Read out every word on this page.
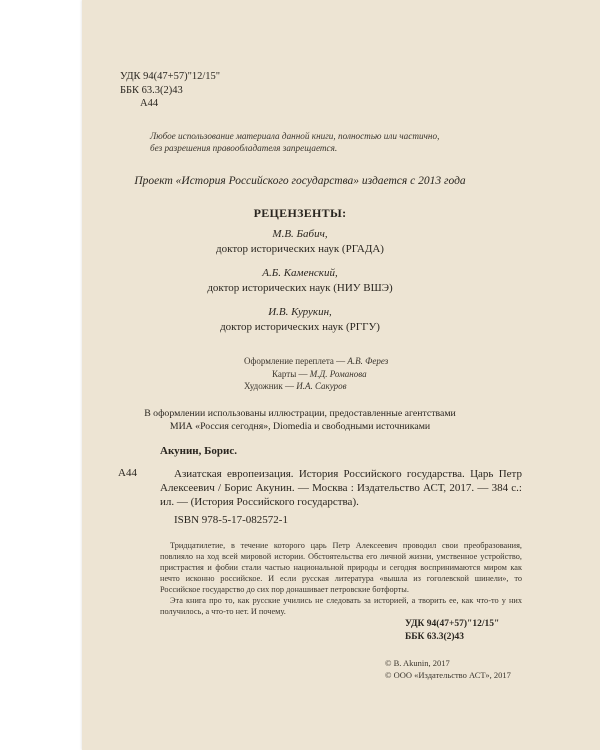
УДК 94(47+57)"12/15"
ББК 63.3(2)43
А44
Любое использование материала данной книги, полностью или частично,
без разрешения правообладателя запрещается.
Проект «История Российского государства» издается с 2013 года
РЕЦЕНЗЕНТЫ:
М.В. Бабич,
доктор исторических наук (РГАДА)
А.Б. Каменский,
доктор исторических наук (НИУ ВШЭ)
И.В. Курукин,
доктор исторических наук (РГГУ)
Оформление переплета — А.В. Ферез
Карты — М.Д. Романова
Художник — И.А. Сакуров
В оформлении использованы иллюстрации, предоставленные агентствами
МИА «Россия сегодня», Diomedia и свободными источниками
Акунин, Борис.
А44	Азиатская европеизация. История Российского государства. Царь Петр Алексеевич / Борис Акунин. — Москва : Издательство АСТ, 2017. — 384 с.: ил. — (История Российского государства).
ISBN 978-5-17-082572-1

Тридцатилетие, в течение которого царь Петр Алексеевич проводил свои преобразования, повлияло на ход всей мировой истории. Обстоятельства его личной жизни, умственное устройство, пристрастия и фобии стали частью национальной природы и сегодня воспринимаются миром как нечто исконно российское. И если русская литература «вышла из гоголевской шинели», то Российское государство до сих пор донашивает петровские ботфорты.

Эта книга про то, как русские учились не следовать за историей, а творить ее, как что-то у них получилось, а что-то нет. И почему.

УДК 94(47+57)"12/15"
ББК 63.3(2)43
© B. Akunin, 2017
© ООО «Издательство АСТ», 2017
